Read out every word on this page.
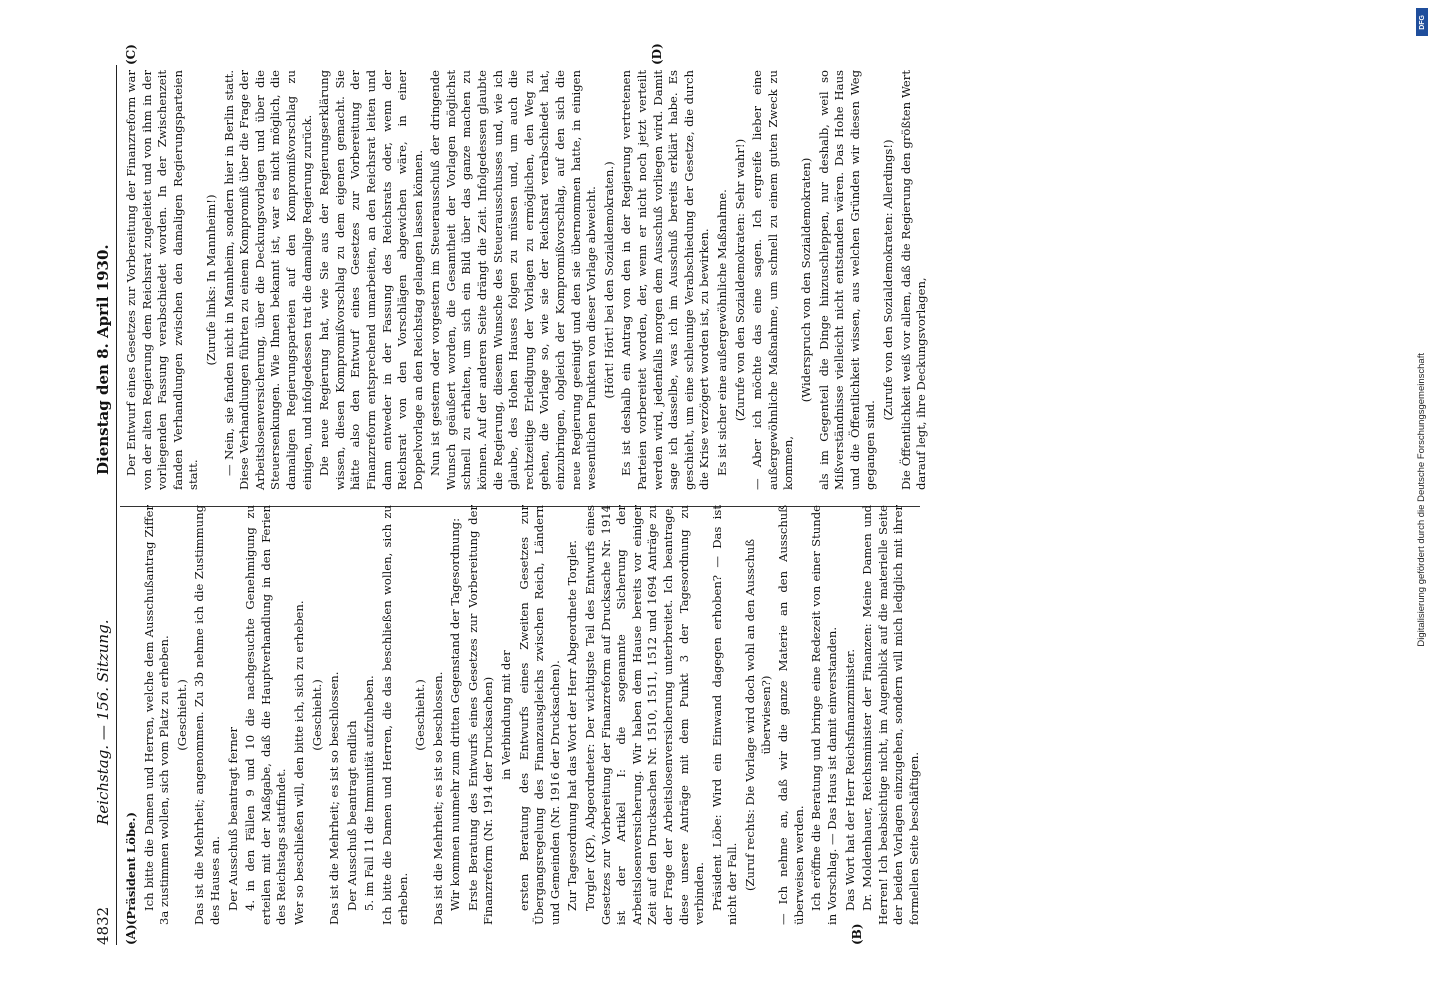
4832
Reichstag. — 156. Sitzung.
Dienstag den 8. April 1930.
(A)	(B)
(C)	(D)

(Präsident Löbe.) Ich bitte die Damen und Herren, welche dem Ausschußantrag Ziffer 3a zustimmen wollen, sich vom Platz zu erheben. (Geschieht.) Das ist die Mehrheit; angenommen. Zu 3b nehme ich die Zustimmung des Hauses an. Der Ausschuß beantragt ferner 4. in den Fällen 9 und 10 die nachgesuchte Genehmigung zu erteilen mit der Maßgabe, daß die Hauptverhandlung in den Ferien des Reichstags stattfindet. Wer so beschließen will, den bitte ich, sich zu erheben. (Geschieht.) Das ist die Mehrheit; es ist so beschlossen. Der Ausschuß beantragt endlich 5. im Fall 11 die Immunität aufzuheben. Ich bitte die Damen und Herren, die das beschließen wollen, sich zu erheben.

(Geschieht.) Das ist die Mehrheit; es ist so beschlossen. Wir kommen nunmehr zum dritten Gegenstand der Tagesordnung: Erste Beratung des Entwurfs eines Gesetzes zur Vorbereitung der Finanzreform (Nr. 1914 der Drucksachen) in Verbindung mit der ersten Beratung des Entwurfs eines Zweiten Gesetzes zur Übergangsregelung des Finanzausgleichs zwischen Reich, Ländern und Gemeinden (Nr. 1916 der Drucksachen). Zur Tagesordnung hat das Wort der Herr Abgeordnete Torgler. Torgler (KP), Abgeordneter: Der wichtigste Teil des Entwurfs eines Gesetzes zur Vorbereitung der Finanzreform auf Drucksache Nr. 1914 ist der Artikel I: die sogenannte Sicherung der Arbeitslosenversicherung. Wir haben dem Hause bereits vor einiger Zeit auf den Drucksachen Nr. 1510, 1511, 1512 und 1694 Anträge zu der Frage der Arbeitslosenversicherung unterbreitet. Ich beantrage, diese unsere Anträge mit dem Punkt 3 der Tagesordnung zu verbinden. Präsident Löbe: Wird ein Einwand dagegen erhoben? — Das ist nicht der Fall. (Zuruf rechts: Die Vorlage wird doch wohl an den Ausschuß überwiesen?) — Ich nehme an, daß wir die ganze Materie an den Ausschuß überweisen werden. Ich eröffne die Beratung und bringe eine Redezeit von einer Stunde in Vorschlag. — Das Haus ist damit einverstanden. Das Wort hat der Herr Reichsfinanzminister. Dr. Moldenhauer, Reichsminister der Finanzen: Meine Damen und Herren! Ich beabsichtige nicht, im Augenblick auf die materielle Seite der beiden Vorlagen einzugehen, sondern will mich lediglich mit ihrer formellen Seite beschäftigen.

Der Entwurf eines Gesetzes zur Vorbereitung der Finanzreform war von der alten Regierung dem Reichsrat zugeleitet und von ihm in der vorliegenden Fassung verabschiedet worden. In der Zwischenzeit fanden Verhandlungen zwischen den damaligen Regierungsparteien statt.

(Zurufe links: In Mannheim!) — Nein, sie fanden nicht in Mannheim, sondern hier in Berlin statt. Diese Verhandlungen führten zu einem Kompromiß über die Frage der Arbeitslosenversicherung, über die Deckungsvorlagen und über die Steuersenkungen. Wie Ihnen bekannt ist, war es nicht möglich, die damaligen Regierungsparteien auf den Kompromißvorschlag zu einigen, und infolgedessen trat die damalige Regierung zurück. Die neue Regierung hat, wie Sie aus der Regierungserklärung wissen, diesen Kompromißvorschlag zu dem eigenen gemacht. Sie hätte also den Entwurf eines Gesetzes zur Vorbereitung der Finanzreform entsprechend umarbeiten, an den Reichsrat leiten und dann entweder in der Fassung des Reichsrats oder, wenn der Reichsrat von den Vorschlägen abgewichen wäre, in einer Doppelvorlage an den Reichstag gelangen lassen können. Nun ist gestern oder vorgestern im Steuerausschuß der dringende Wunsch geäußert worden, die Gesamtheit der Vorlagen möglichst schnell zu erhalten, um sich ein Bild über das ganze machen zu können. Auf der anderen Seite drängt die Zeit. Infolgedessen glaubte die Regierung, diesem Wunsche des Steuerausschusses und, wie ich glaube, des Hohen Hauses folgen zu müssen und, um auch die rechtzeitige Erledigung der Vorlagen zu ermöglichen, den Weg zu gehen, die Vorlage so, wie sie der Reichsrat verabschiedet hat, einzubringen, obgleich der Kompromißvorschlag, auf den sich die neue Regierung geeinigt und den sie übernommen hatte, in einigen wesentlichen Punkten von dieser Vorlage abweicht. (Hört! Hört! bei den Sozialdemokraten.) Es ist deshalb ein Antrag von den in der Regierung vertretenen Parteien vorbereitet worden, der, wenn er nicht noch jetzt verteilt werden wird, jedenfalls morgen dem Ausschuß vorliegen wird. Damit sage ich dasselbe, was ich im Ausschuß bereits erklärt habe. Es geschieht, um eine schleunige Verabschiedung der Gesetze, die durch die Krise verzögert worden ist, zu bewirken. Es ist sicher eine außergewöhnliche Maßnahme. (Zurufe von den Sozialdemokraten: Sehr wahr!) — Aber ich möchte das eine sagen. Ich ergreife lieber eine außergewöhnliche Maßnahme, um schnell zu einem guten Zweck zu kommen,

(Widerspruch von den Sozialdemokraten) als im Gegenteil die Dinge hinzuschleppen, nur deshalb, weil so Mißverständnisse vielleicht nicht entstanden wären. Das Hohe Haus und die Öffentlichkeit wissen, aus welchen Gründen wir diesen Weg gegangen sind.

(Zurufe von den Sozialdemokraten: Allerdings!) Die Öffentlichkeit weiß vor allem, daß die Regierung den größten Wert darauf legt, ihre Deckungsvorlagen,

DFG
Digitalisierung gefördert durch die Deutsche Forschungsgemeinschaft
